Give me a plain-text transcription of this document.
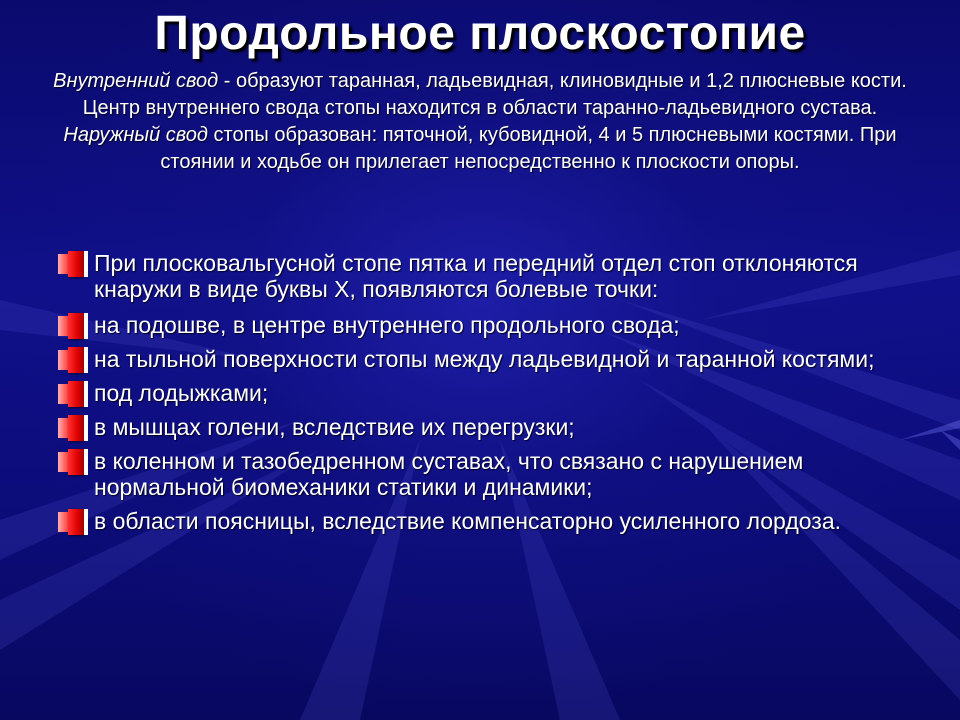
Продольное плоскостопие

Внутренний свод - образуют таранная, ладьевидная, клиновидные и 1,2 плюсневые кости. Центр внутреннего свода стопы находится в области таранно-ладьевидного сустава.

Наружный свод стопы образован: пяточной, кубовидной, 4 и 5 плюсневыми костями. При стоянии и ходьбе он прилегает непосредственно к плоскости опоры.

При плосковальгусной стопе пятка и передний отдел стоп отклоняются кнаружи в виде буквы X, появляются болевые точки:
на подошве, в центре внутреннего продольного свода;
на тыльной поверхности стопы между ладьевидной и таранной костями;
под лодыжками;
в мышцах голени, вследствие их перегрузки;
в коленном и тазобедренном суставах, что связано с нарушением нормальной биомеханики статики и динамики;
в области поясницы, вследствие компенсаторно усиленного лордоза.
